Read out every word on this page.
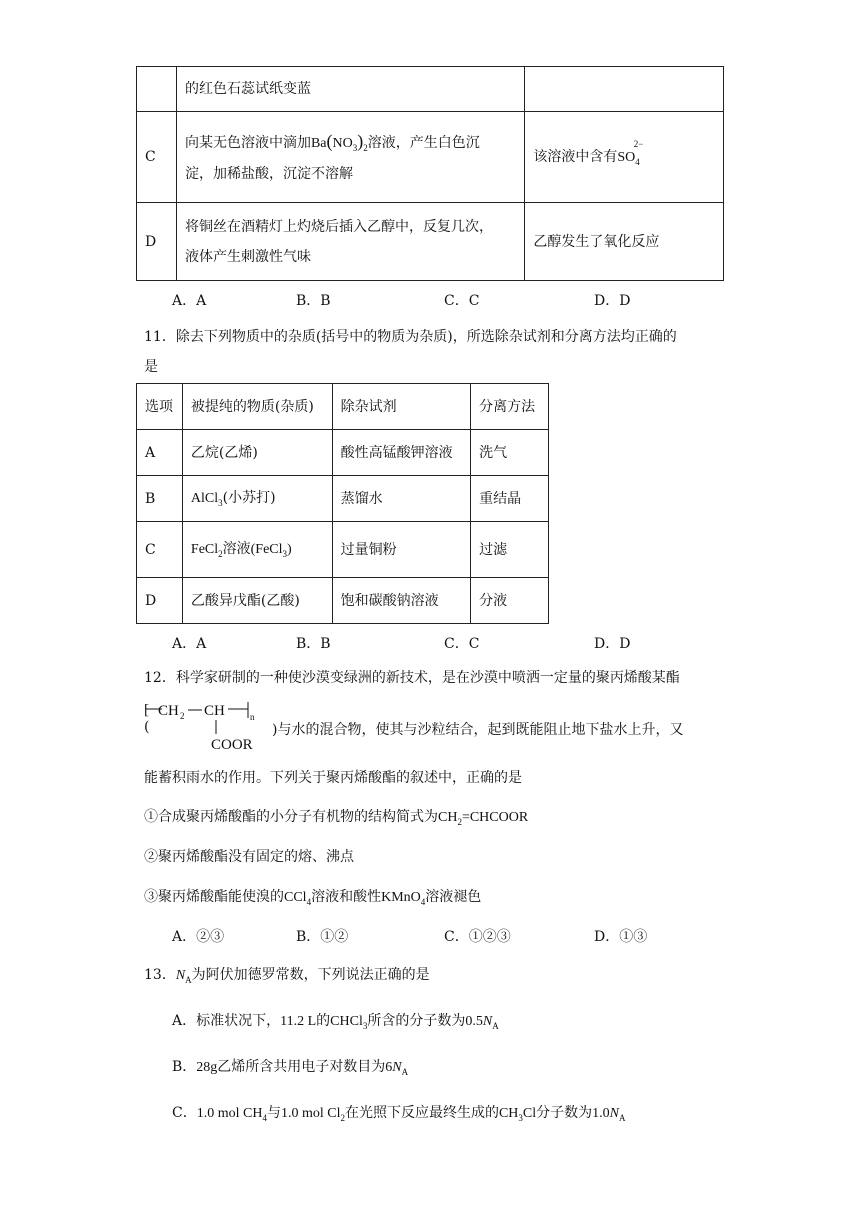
	的红色石蕊试纸变蓝	
C	向某无色溶液中滴加$Ba(NO_3)_2$溶液，产生白色沉
淀，加稀盐酸，沉淀不溶解	该溶液中含有$SO_4^{2-}$
D	将铜丝在酒精灯上灼烧后插入乙醇中，反复几次，
液体产生刺激性气味	乙醇发生了氧化反应
A．A	B．B	C．C	D．D
11．除去下列物质中的杂质(括号中的物质为杂质)，所选除杂试剂和分离方法均正确的
是
选项	被提纯的物质(杂质)	除杂试剂	分离方法
A	乙烷(乙烯)	酸性高锰酸钾溶液	洗气
B	AlCl$_3$(小苏打)	蒸馏水	重结晶
C	FeCl$_2$溶液(FeCl$_3$)	过量铜粉	过滤
D	乙酸异戊酯(乙酸)	饱和碳酸钠溶液	分液
A．A	B．B	C．C	D．D
12．科学家研制的一种使沙漠变绿洲的新技术，是在沙漠中喷洒一定量的聚丙烯酸某酯
[ CH 2 CH	n
COOR
(	)与水的混合物，使其与沙粒结合，起到既能阻止地下盐水上升，又
能蓄积雨水的作用。下列关于聚丙烯酸酯的叙述中，正确的是
①合成聚丙烯酸酯的小分子有机物的结构简式为$CH_2=CHCOOR$
②聚丙烯酸酯没有固定的熔、沸点
③聚丙烯酸酯能使溴的CCl$_4$溶液和酸性KMnO$_4$溶液褪色
A．②③	B．①②	C．①②③	D．①③
13．$N_A$为阿伏加德罗常数，下列说法正确的是
A．标准状况下，11.2 L的CHCl$_3$所含的分子数为$0.5N_A$
B．28g乙烯所含共用电子对数目为$6N_A$
C．1.0 mol $CH_4$与1.0 mol $Cl_2$在光照下反应最终生成的$CH_3Cl$分子数为$1.0N_A$
